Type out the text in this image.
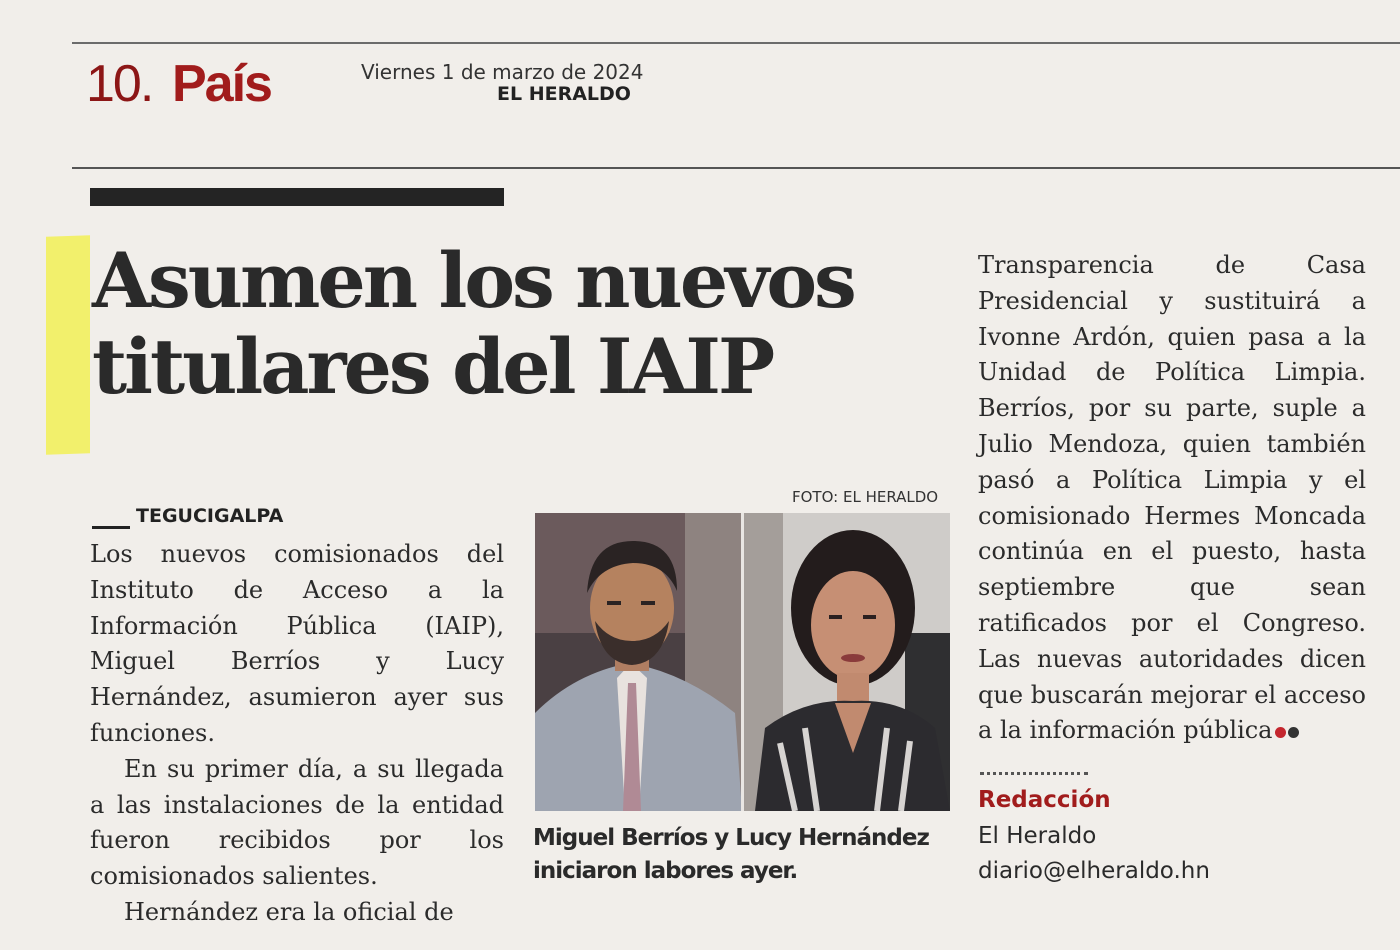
10. País	Viernes 1 de marzo de 2024
EL HERALDO
Asumen los nuevos
titulares del IAIP
TEGUCIGALPA

Los nuevos comisionados del Instituto de Acceso a la Información Pública (IAIP), Miguel Berríos y Lucy Hernández, asumieron ayer sus funciones.

En su primer día, a su llegada a las instalaciones de la entidad fueron recibidos por los comisionados salientes.

Hernández era la oficial de

FOTO: EL HERALDO
Miguel Berríos y Lucy Hernández iniciaron labores ayer.

Transparencia de Casa Presidencial y sustituirá a Ivonne Ardón, quien pasa a la Unidad de Política Limpia. Berríos, por su parte, suple a Julio Mendoza, quien también pasó a Política Limpia y el comisionado Hermes Moncada continúa en el puesto, hasta septiembre que sean ratificados por el Congreso. Las nuevas autoridades dicen que buscarán mejorar el acceso a la información pública

Redacción
El Heraldo
diario@elheraldo.hn
